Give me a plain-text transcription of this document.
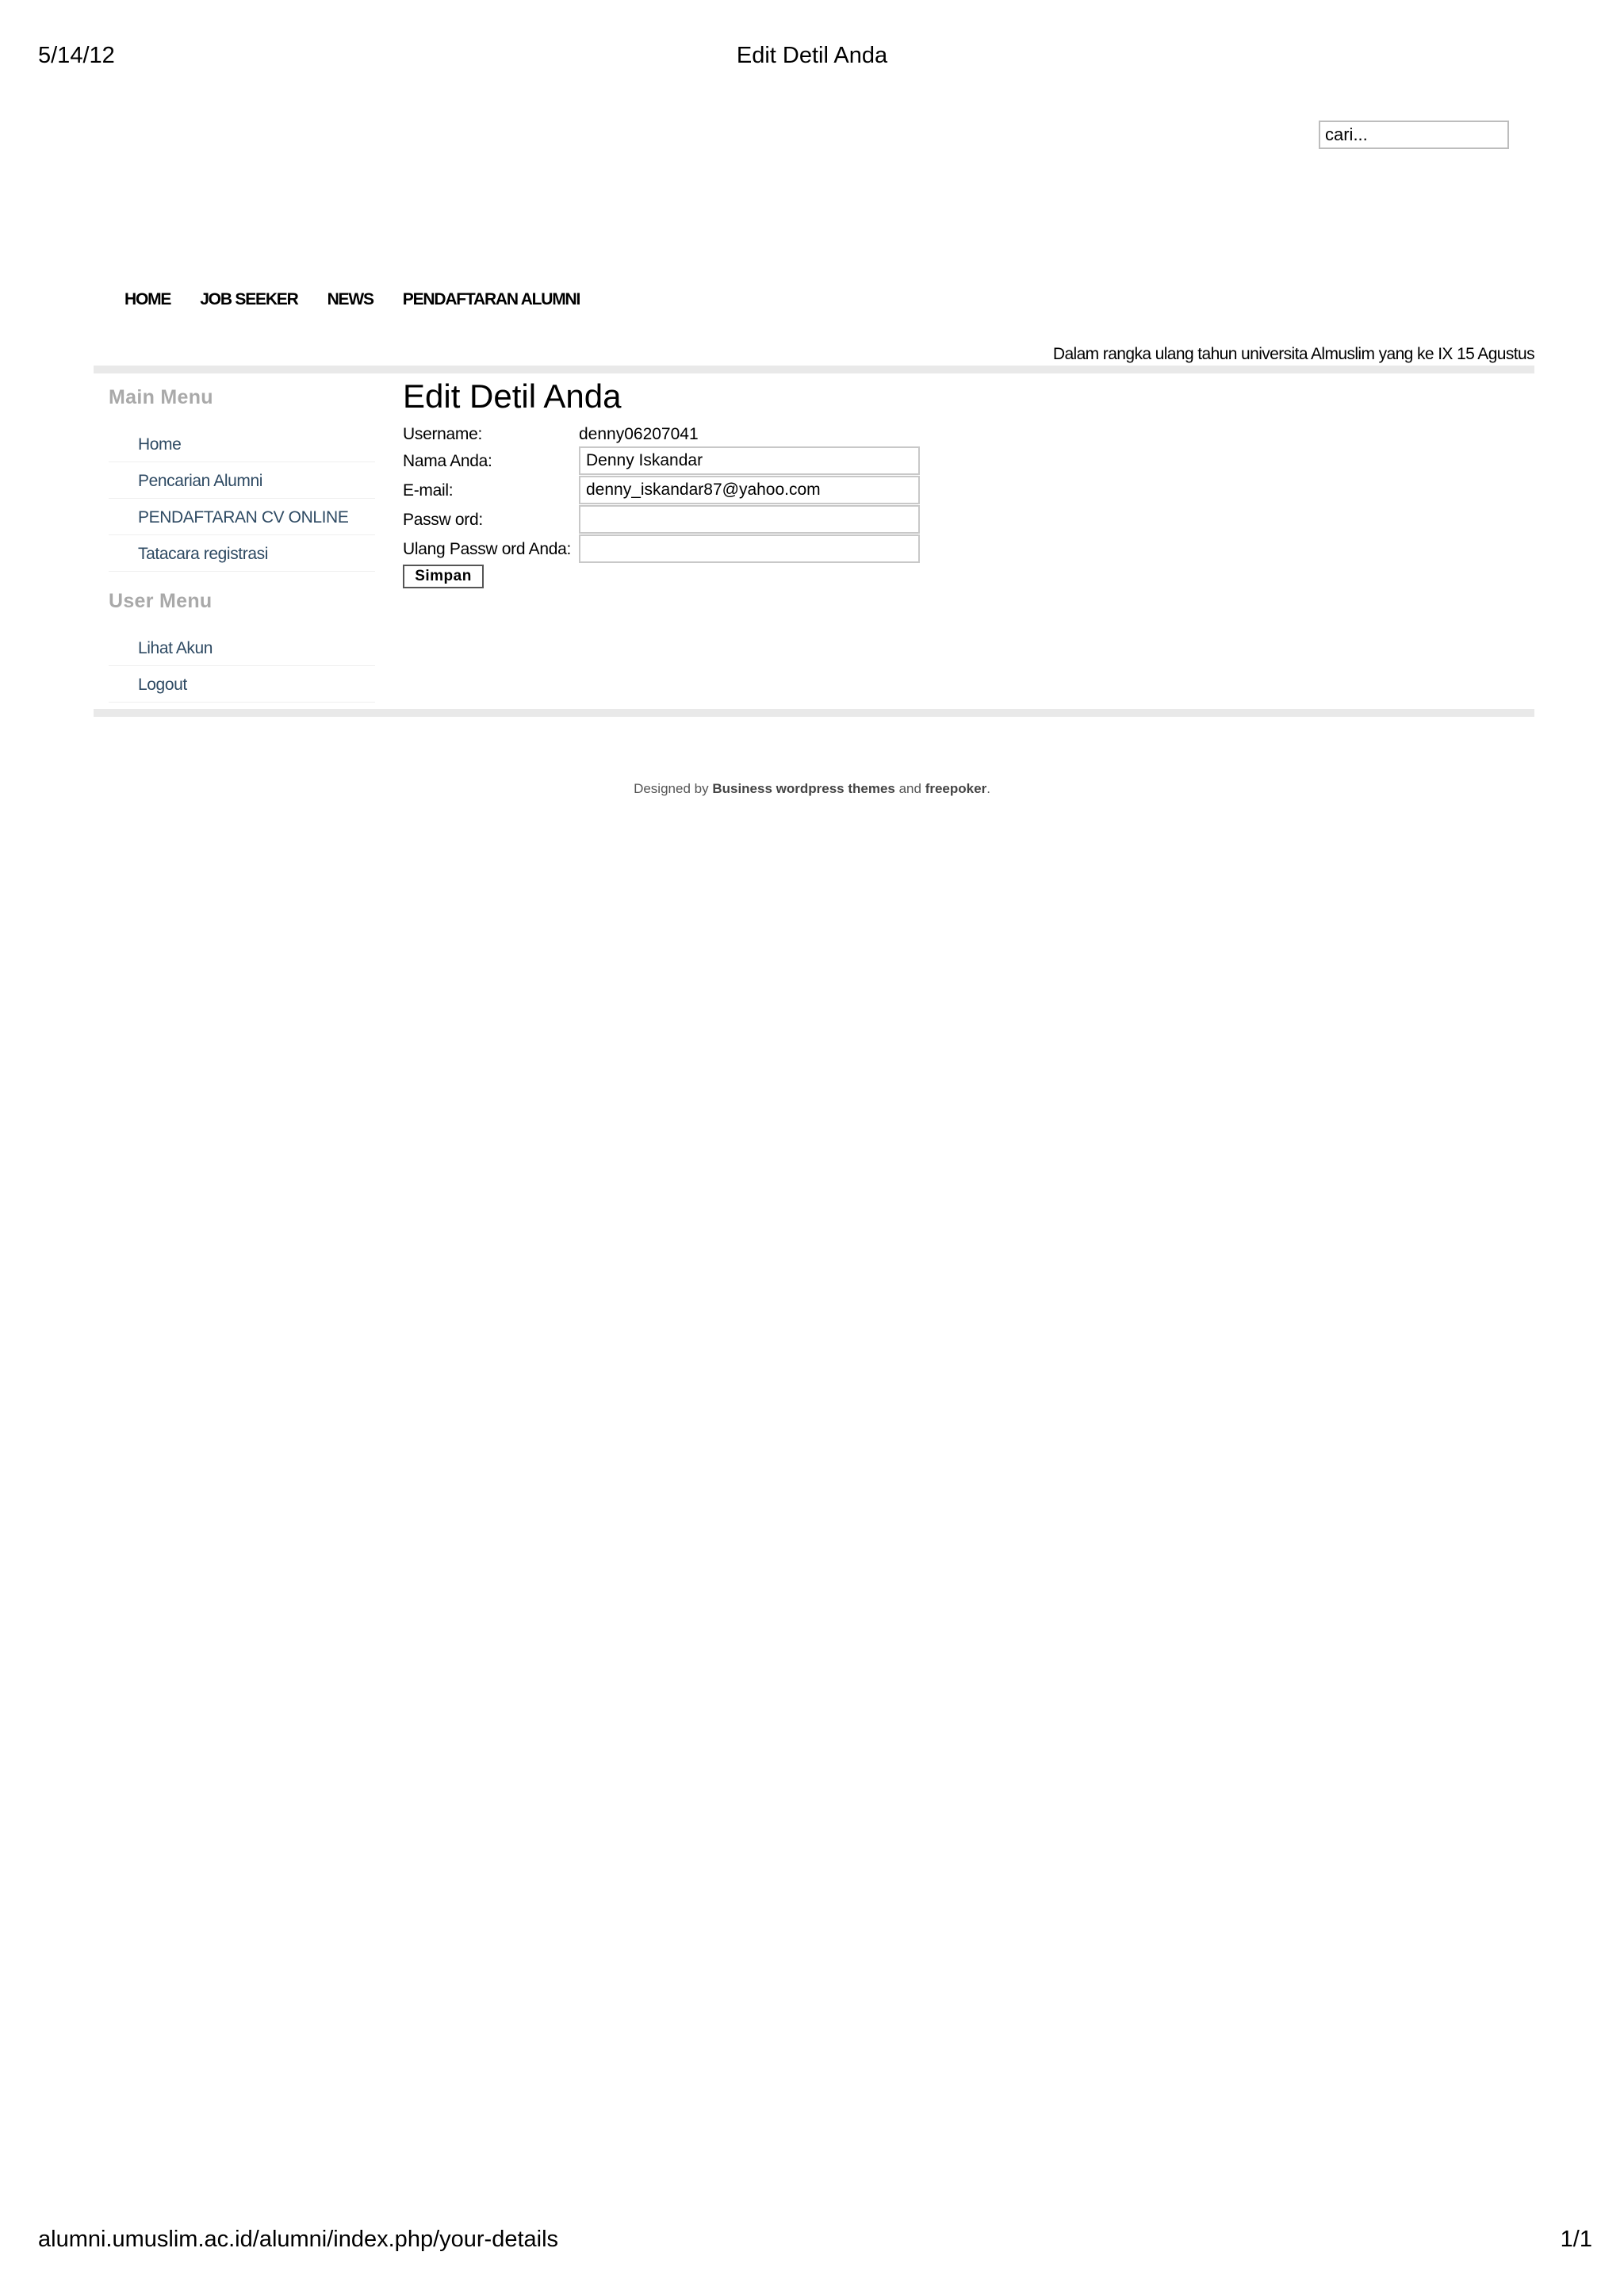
5/14/12	Edit Detil Anda
cari...
HOME JOB SEEKER NEWS PENDAFTARAN ALUMNI
Dalam rangka ulang tahun universita Almuslim yang ke IX 15 Agustus
Main Menu
Home
Pencarian Alumni
PENDAFTARAN CV ONLINE
Tatacara registrasi
User Menu
Lihat Akun
Logout
Edit Detil Anda
Username:	denny06207041
Nama Anda:
Denny Iskandar
E-mail:
denny_iskandar87@yahoo.com
Passw ord:
Ulang Passw ord Anda:
Simpan
Designed by Business wordpress themes and freepoker.
alumni.umuslim.ac.id/alumni/index.php/your-details	1/1
